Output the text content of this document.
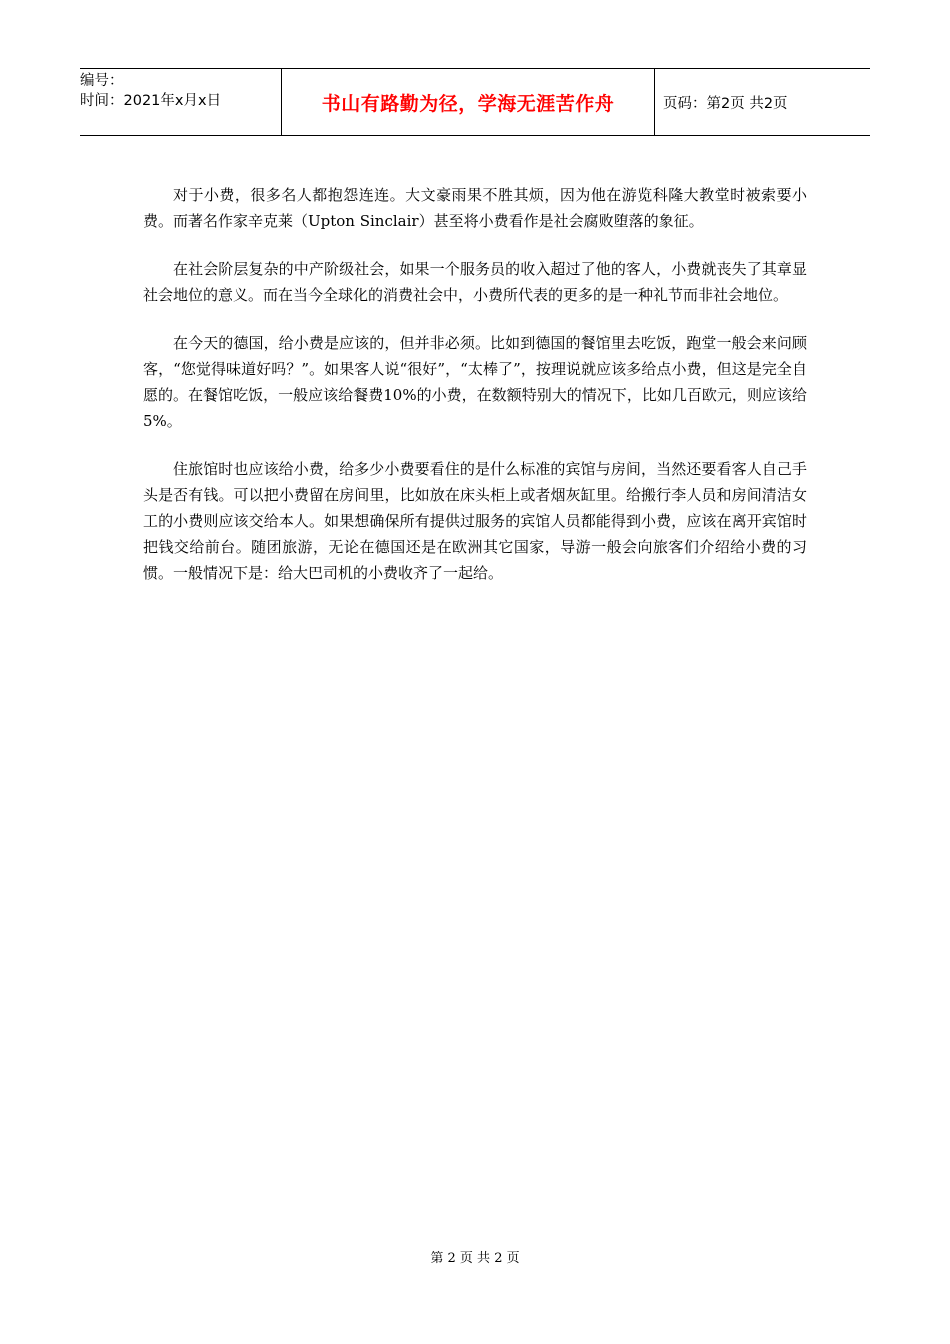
编号：
时间：2021年x月x日	书山有路勤为径，学海无涯苦作舟	页码：第2页 共2页

对于小费，很多名人都抱怨连连。大文豪雨果不胜其烦，因为他在游览科隆大教堂时被索要小费。而著名作家辛克莱（Upton Sinclair）甚至将小费看作是社会腐败堕落的象征。

在社会阶层复杂的中产阶级社会，如果一个服务员的收入超过了他的客人，小费就丧失了其章显社会地位的意义。而在当今全球化的消费社会中，小费所代表的更多的是一种礼节而非社会地位。

在今天的德国，给小费是应该的，但并非必须。比如到德国的餐馆里去吃饭，跑堂一般会来问顾客，“您觉得味道好吗？”。如果客人说“很好”，“太棒了”，按理说就应该多给点小费，但这是完全自愿的。在餐馆吃饭，一般应该给餐费10%的小费，在数额特别大的情况下，比如几百欧元，则应该给5%。

住旅馆时也应该给小费，给多少小费要看住的是什么标准的宾馆与房间，当然还要看客人自己手头是否有钱。可以把小费留在房间里，比如放在床头柜上或者烟灰缸里。给搬行李人员和房间清洁女工的小费则应该交给本人。如果想确保所有提供过服务的宾馆人员都能得到小费，应该在离开宾馆时把钱交给前台。随团旅游，无论在德国还是在欧洲其它国家，导游一般会向旅客们介绍给小费的习惯。一般情况下是：给大巴司机的小费收齐了一起给。

第 2 页 共 2 页
